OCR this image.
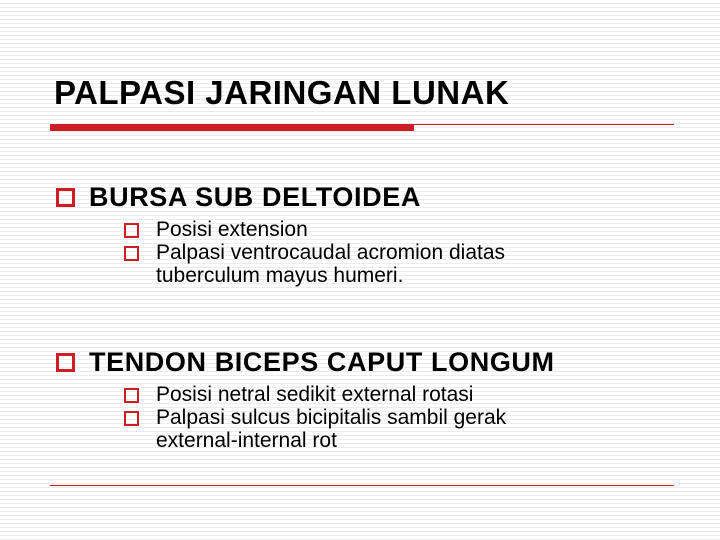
PALPASI JARINGAN LUNAK
BURSA SUB DELTOIDEA
Posisi extension
Palpasi ventrocaudal acromion diatas
tuberculum mayus humeri.
TENDON BICEPS CAPUT LONGUM
Posisi netral sedikit external rotasi
Palpasi sulcus bicipitalis sambil gerak
external-internal rot
